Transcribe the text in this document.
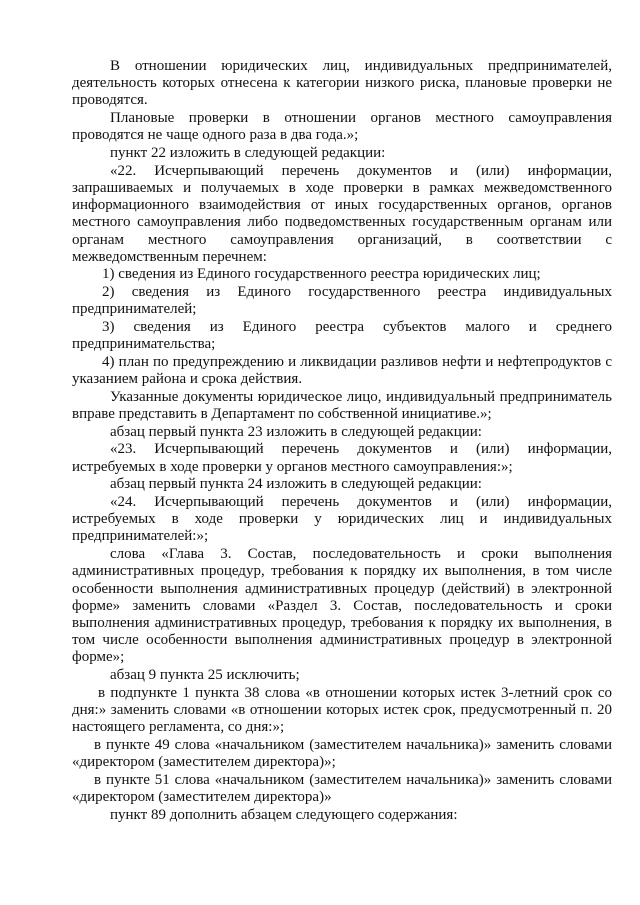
В отношении юридических лиц, индивидуальных предпринимателей, деятельность которых отнесена к категории низкого риска, плановые проверки не проводятся.

Плановые проверки в отношении органов местного самоуправления проводятся не чаще одного раза в два года.»;

пункт 22 изложить в следующей редакции:

«22. Исчерпывающий перечень документов и (или) информации, запрашиваемых и получаемых в ходе проверки в рамках межведомственного информационного взаимодействия от иных государственных органов, органов местного самоуправления либо подведомственных государственным органам или органам местного самоуправления организаций, в соответствии с межведомственным перечнем:

1) сведения из Единого государственного реестра юридических лиц;

2) сведения из Единого государственного реестра индивидуальных предпринимателей;

3) сведения из Единого реестра субъектов малого и среднего предпринимательства;

4) план по предупреждению и ликвидации разливов нефти и нефтепродуктов с указанием района и срока действия.

Указанные документы юридическое лицо, индивидуальный предприниматель вправе представить в Департамент по собственной инициативе.»;

абзац первый пункта 23 изложить в следующей редакции:

«23. Исчерпывающий перечень документов и (или) информации, истребуемых в ходе проверки у органов местного самоуправления:»;

абзац первый пункта 24 изложить в следующей редакции:

«24. Исчерпывающий перечень документов и (или) информации, истребуемых в ходе проверки у юридических лиц и индивидуальных предпринимателей:»;

слова «Глава 3. Состав, последовательность и сроки выполнения административных процедур, требования к порядку их выполнения, в том числе особенности выполнения административных процедур (действий) в электронной форме» заменить словами «Раздел 3. Состав, последовательность и сроки выполнения административных процедур, требования к порядку их выполнения, в том числе особенности выполнения административных процедур в электронной форме»;

абзац 9 пункта 25 исключить;

в подпункте 1 пункта 38 слова «в отношении которых истек 3-летний срок со дня:» заменить словами «в отношении которых истек срок, предусмотренный п. 20 настоящего регламента, со дня:»;

в пункте 49 слова «начальником (заместителем начальника)» заменить словами «директором (заместителем директора)»;

в пункте 51 слова «начальником (заместителем начальника)» заменить словами «директором (заместителем директора)»

пункт 89 дополнить абзацем следующего содержания:
